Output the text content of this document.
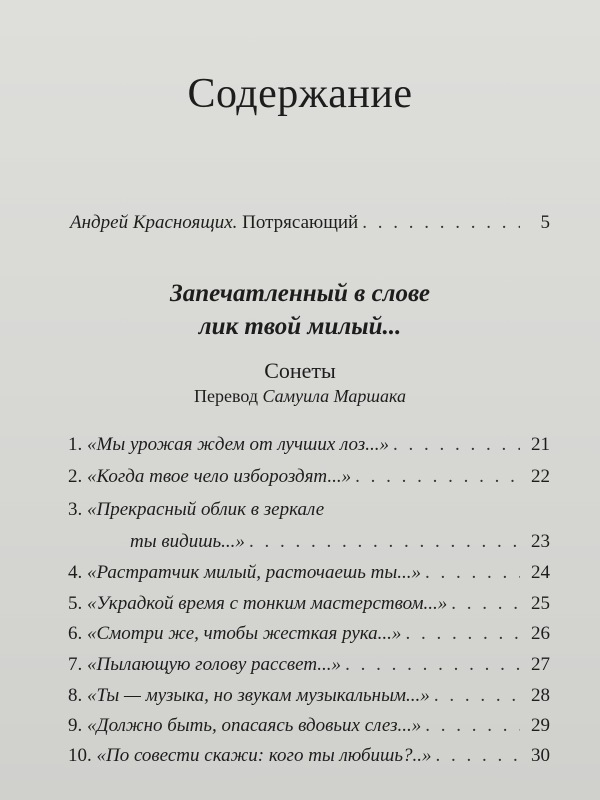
Содержание
Андрей Красноящих. Потрясающий . . .	5
Запечатленный в слове
лик твой милый...
Сонеты
Перевод Самуила Маршака
1. «Мы урожая ждем от лучших лоз...» . . .	21
2. «Когда твое чело избороздят...» . . .	22
3. «Прекрасный облик в зеркале
ты видишь...» . . .	23
4. «Растратчик милый, расточаешь ты...» . . .	24
5. «Украдкой время с тонким мастерством...» . . .	25
6. «Смотри же, чтобы жесткая рука...» . . .	26
7. «Пылающую голову рассвет...» . . .	27
8. «Ты — музыка, но звукам музыкальным...» . . .	28
9. «Должно быть, опасаясь вдовьих слез...» . . .	29
10. «По совести скажи: кого ты любишь?..» . . .	30
